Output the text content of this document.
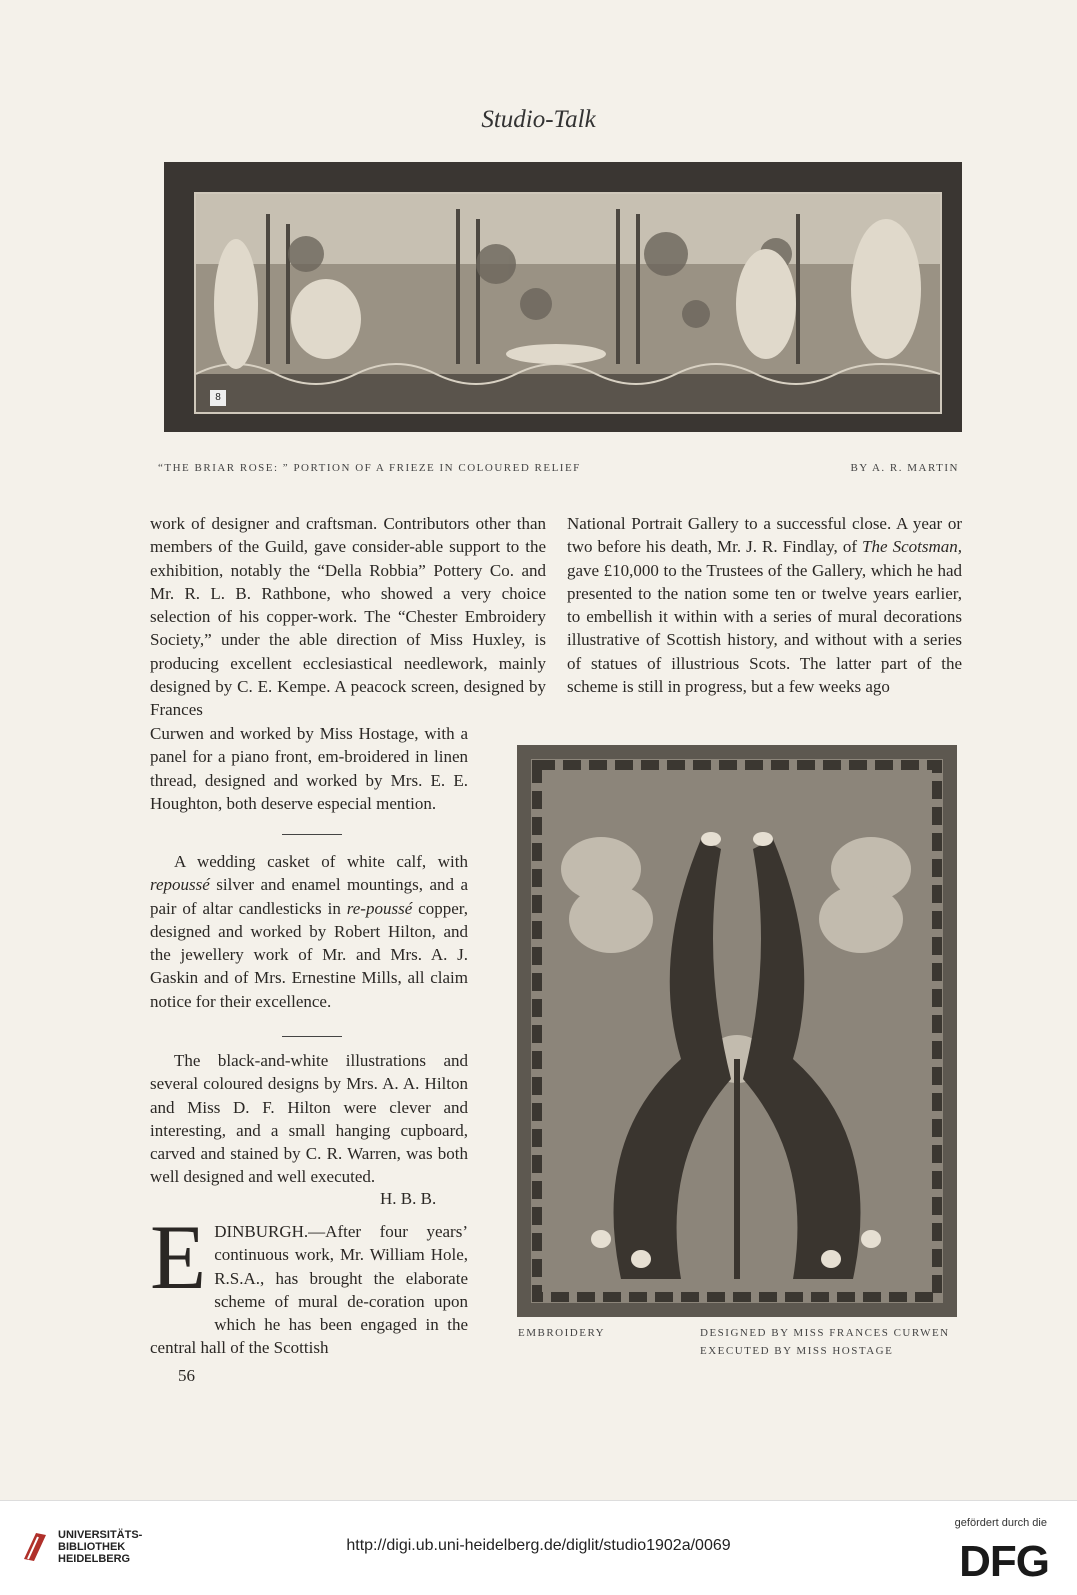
Studio-Talk
8
“THE BRIAR ROSE: ” PORTION OF A FRIEZE IN COLOURED RELIEF	BY A. R. MARTIN

work of designer and craftsman. Contributors other than members of the Guild, gave consider-able support to the exhibition, notably the “Della Robbia” Pottery Co. and Mr. R. L. B. Rathbone, who showed a very choice selection of his copper-work. The “Chester Embroidery Society,” under the able direction of Miss Huxley, is producing excellent ecclesiastical needlework, mainly designed by C. E. Kempe. A peacock screen, designed by Frances

Curwen and worked by Miss Hostage, with a panel for a piano front, em-broidered in linen thread, designed and worked by Mrs. E. E. Houghton, both deserve especial mention.

A wedding casket of white calf, with repoussé silver and enamel mountings, and a pair of altar candlesticks in re-poussé copper, designed and worked by Robert Hilton, and the jewellery work of Mr. and Mrs. A. J. Gaskin and of Mrs. Ernestine Mills, all claim notice for their excellence.

The black-and-white illustrations and several coloured designs by Mrs. A. A. Hilton and Miss D. F. Hilton were clever and interesting, and a small hanging cupboard, carved and stained by C. R. Warren, was both well designed and well executed.

H. B. B.
EDINBURGH.—After four years’ continuous work, Mr. William Hole, R.S.A., has brought the elaborate scheme of mural de-coration upon which he has been engaged in the central hall of the Scottish

National Portrait Gallery to a successful close. A year or two before his death, Mr. J. R. Findlay, of The Scotsman, gave £10,000 to the Trustees of the Gallery, which he had presented to the nation some ten or twelve years earlier, to embellish it within with a series of mural decorations illustrative of Scottish history, and without with a series of statues of illustrious Scots. The latter part of the scheme is still in progress, but a few weeks ago

EMBROIDERY	DESIGNED BY MISS FRANCES CURWEN
EXECUTED BY MISS HOSTAGE
56
UNIVERSITÄTS-
BIBLIOTHEK
HEIDELBERG
http://digi.ub.uni-heidelberg.de/diglit/studio1902a/0069
gefördert durch die
DFG
